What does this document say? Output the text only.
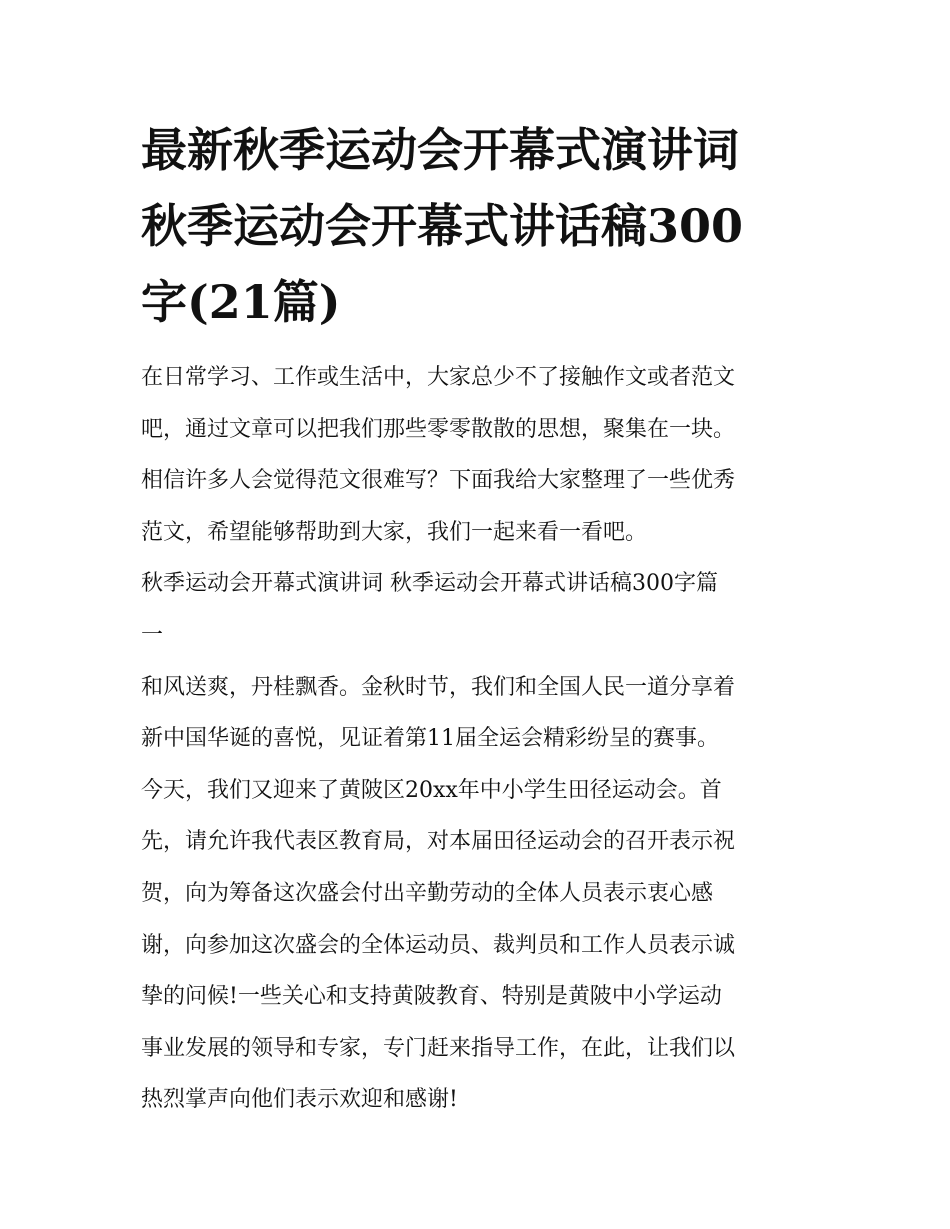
最新秋季运动会开幕式演讲词
秋季运动会开幕式讲话稿300
字(21篇)
在日常学习、工作或生活中，大家总少不了接触作文或者范文
吧，通过文章可以把我们那些零零散散的思想，聚集在一块。
相信许多人会觉得范文很难写？下面我给大家整理了一些优秀
范文，希望能够帮助到大家，我们一起来看一看吧。
秋季运动会开幕式演讲词 秋季运动会开幕式讲话稿300字篇
一
和风送爽，丹桂飘香。金秋时节，我们和全国人民一道分享着
新中国华诞的喜悦，见证着第11届全运会精彩纷呈的赛事。
今天，我们又迎来了黄陂区20xx年中小学生田径运动会。首
先，请允许我代表区教育局，对本届田径运动会的召开表示祝
贺，向为筹备这次盛会付出辛勤劳动的全体人员表示衷心感
谢，向参加这次盛会的全体运动员、裁判员和工作人员表示诚
挚的问候!一些关心和支持黄陂教育、特别是黄陂中小学运动
事业发展的领导和专家，专门赶来指导工作，在此，让我们以
热烈掌声向他们表示欢迎和感谢!
